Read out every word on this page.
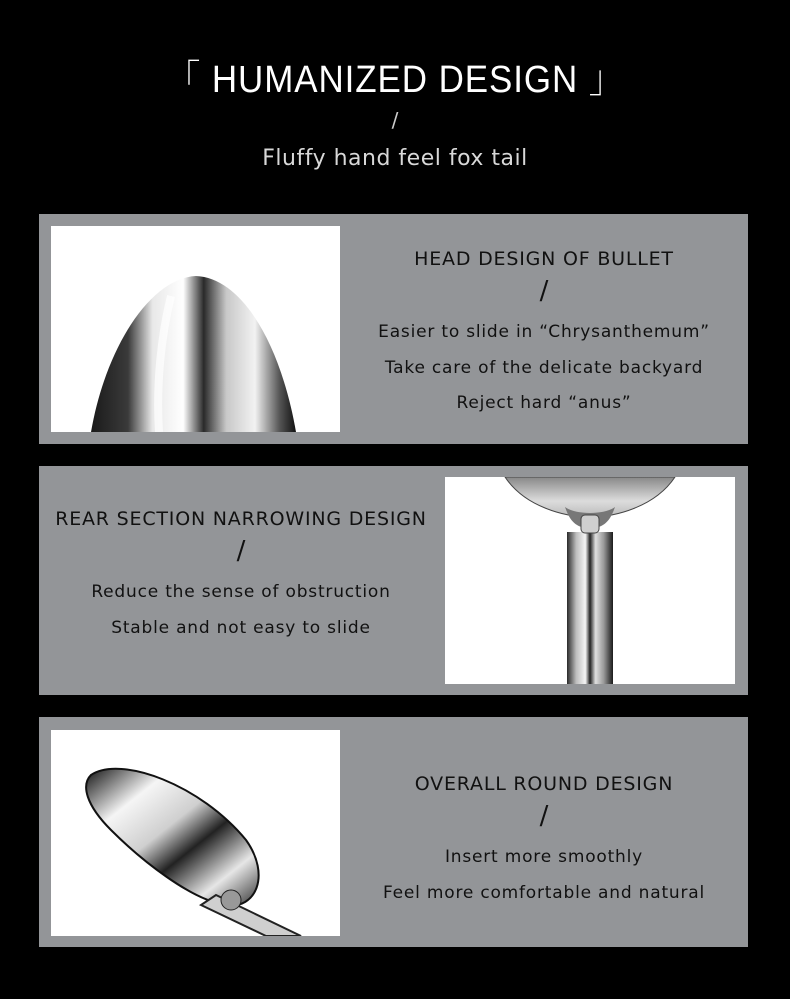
「 HUMANIZED DESIGN 」
/
Fluffy hand feel fox tail
HEAD DESIGN OF BULLET
/
Easier to slide in “Chrysanthemum”
Take care of the delicate backyard
Reject hard “anus”
REAR SECTION NARROWING DESIGN
/
Reduce the sense of obstruction
Stable and not easy to slide
OVERALL ROUND DESIGN
/
Insert more smoothly
Feel more comfortable and natural
